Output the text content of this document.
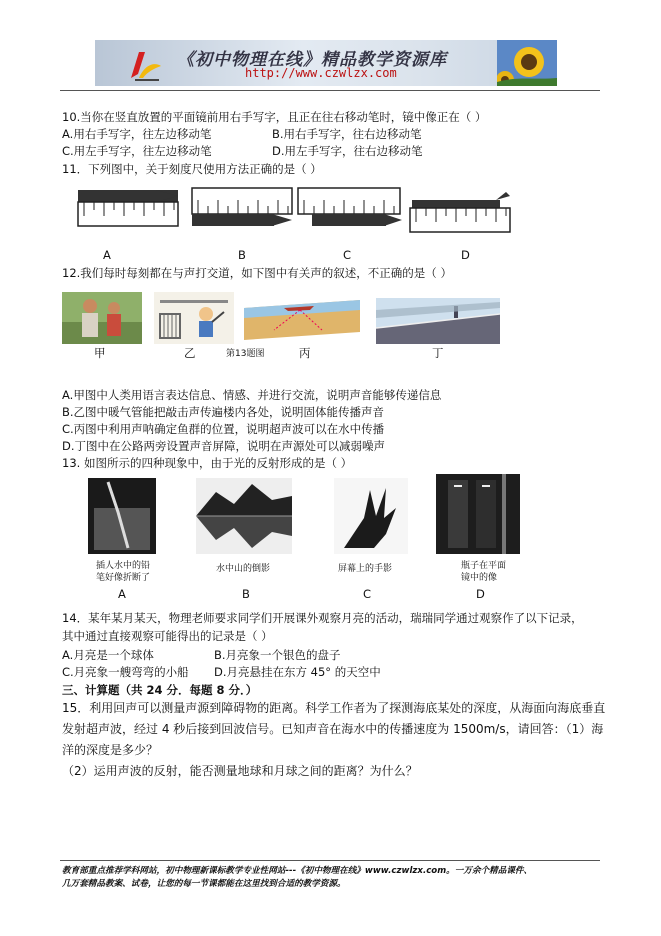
《初中物理在线》精品教学资源库
http://www.czwlzx.com
10.当你在竖直放置的平面镜前用右手写字，且正在往右移动笔时，镜中像正在（ ）
A.用右手写字，往左边移动笔	B.用右手写字，往右边移动笔
C.用左手写字，往左边移动笔	D.用左手写字，往右边移动笔
11．下列图中，关于刻度尺使用方法正确的是（ ）
A	B	C	D
12.我们每时每刻都在与声打交道，如下图中有关声的叙述，不正确的是（ ）
甲	乙	第13题图	丙	丁
A.甲图中人类用语言表达信息、情感、并进行交流，说明声音能够传递信息
B.乙图中暖气管能把敲击声传遍楼内各处，说明固体能传播声音
C.丙图中利用声呐确定鱼群的位置，说明超声波可以在水中传播
D.丁图中在公路两旁设置声音屏障，说明在声源处可以减弱噪声
13. 如图所示的四种现象中，由于光的反射形成的是（ ）
插人水中的铅
笔好像折断了
水中山的倒影	屏幕上的手影	瓶子在平面
镜中的像
A	B	C	D
14．某年某月某天，物理老师要求同学们开展课外观察月亮的活动，瑞瑞同学通过观察作了以下记录，
其中通过直接观察可能得出的记录是（ ）
A.月亮是一个球体	B.月亮象一个银色的盘子
C.月亮象一艘弯弯的小船 D.月亮悬挂在东方 45° 的天空中
三、计算题（共 24 分．每题 8 分．）
15．利用回声可以测量声源到障碍物的距离。科学工作者为了探测海底某处的深度，从海面向海底垂直
发射超声波，经过 4 秒后接到回波信号。已知声音在海水中的传播速度为 1500m/s，请回答：（1）海
洋的深度是多少？
（2）运用声波的反射，能否测量地球和月球之间的距离？为什么？
教育部重点推荐学科网站，初中物理新课标教学专业性网站---《初中物理在线》www.czwlzx.com。一万余个精品课件、
几万套精品教案、试卷，让您的每一节课都能在这里找到合适的教学资源。
